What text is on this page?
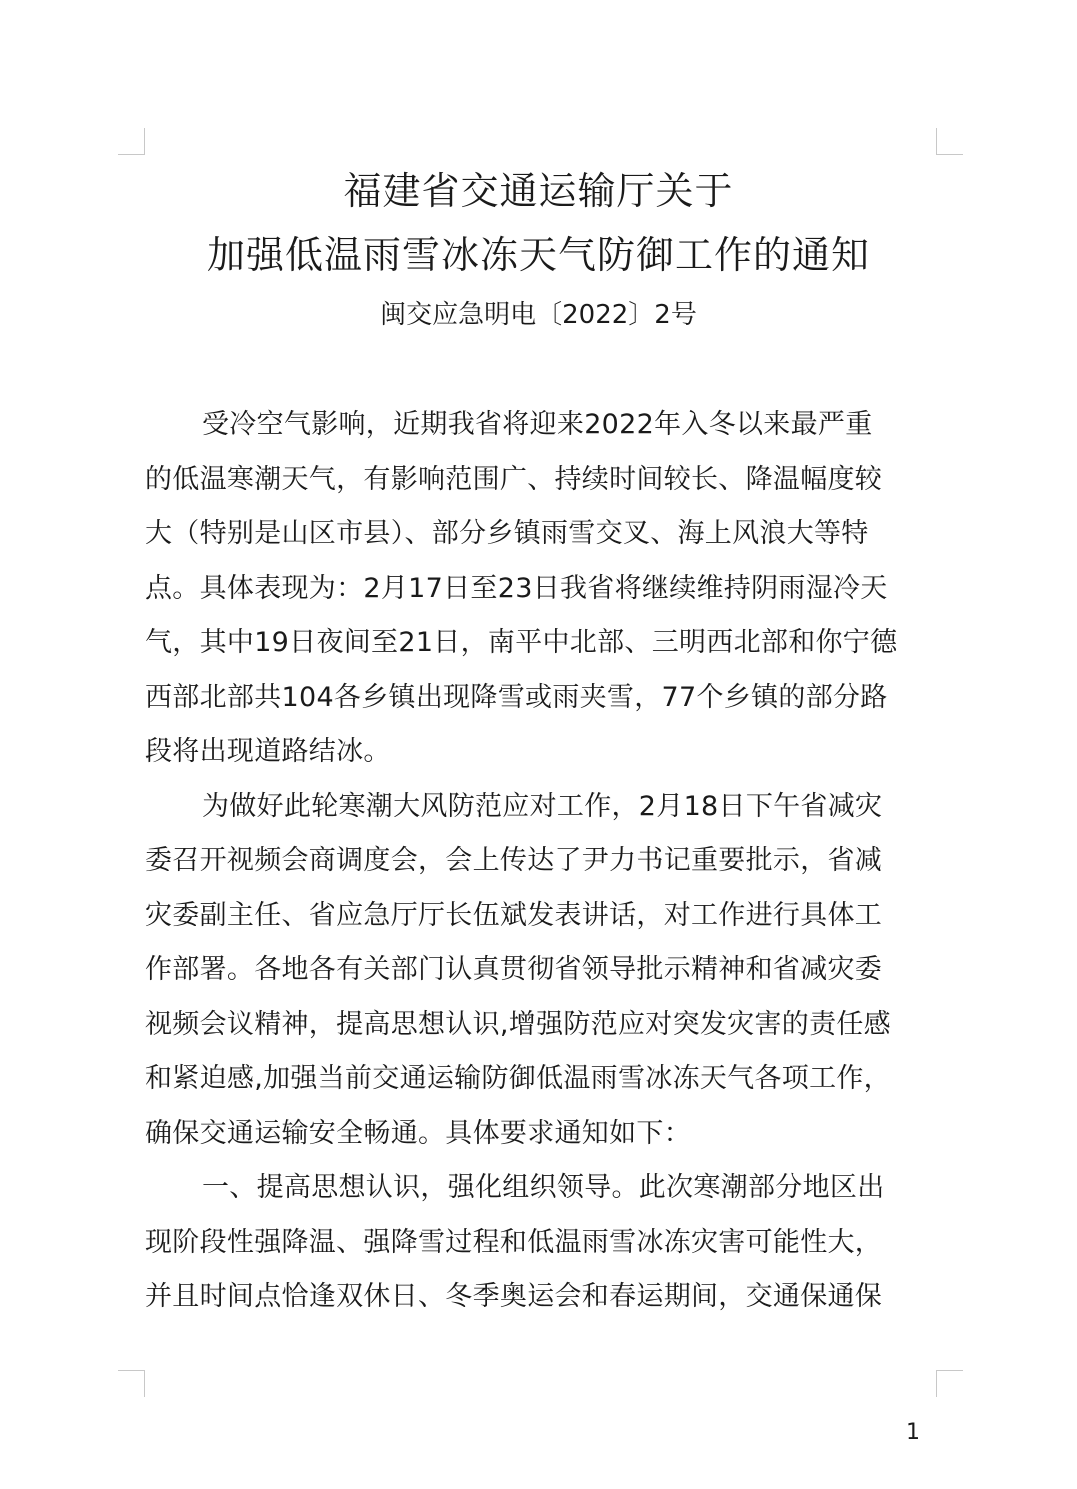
福建省交通运输厅关于
加强低温雨雪冰冻天气防御工作的通知
闽交应急明电〔2022〕2号
受冷空气影响，近期我省将迎来2022年入冬以来最严重
的低温寒潮天气，有影响范围广、持续时间较长、降温幅度较
大（特别是山区市县）、部分乡镇雨雪交叉、海上风浪大等特
点。具体表现为：2月17日至23日我省将继续维持阴雨湿冷天
气，其中19日夜间至21日，南平中北部、三明西北部和你宁德
西部北部共104各乡镇出现降雪或雨夹雪，77个乡镇的部分路
段将出现道路结冰。
为做好此轮寒潮大风防范应对工作，2月18日下午省减灾
委召开视频会商调度会，会上传达了尹力书记重要批示，省减
灾委副主任、省应急厅厅长伍斌发表讲话，对工作进行具体工
作部署。各地各有关部门认真贯彻省领导批示精神和省减灾委
视频会议精神，提高思想认识,增强防范应对突发灾害的责任感
和紧迫感,加强当前交通运输防御低温雨雪冰冻天气各项工作，
确保交通运输安全畅通。具体要求通知如下：
一、提高思想认识，强化组织领导。此次寒潮部分地区出
现阶段性强降温、强降雪过程和低温雨雪冰冻灾害可能性大，
并且时间点恰逢双休日、冬季奥运会和春运期间，交通保通保
1
